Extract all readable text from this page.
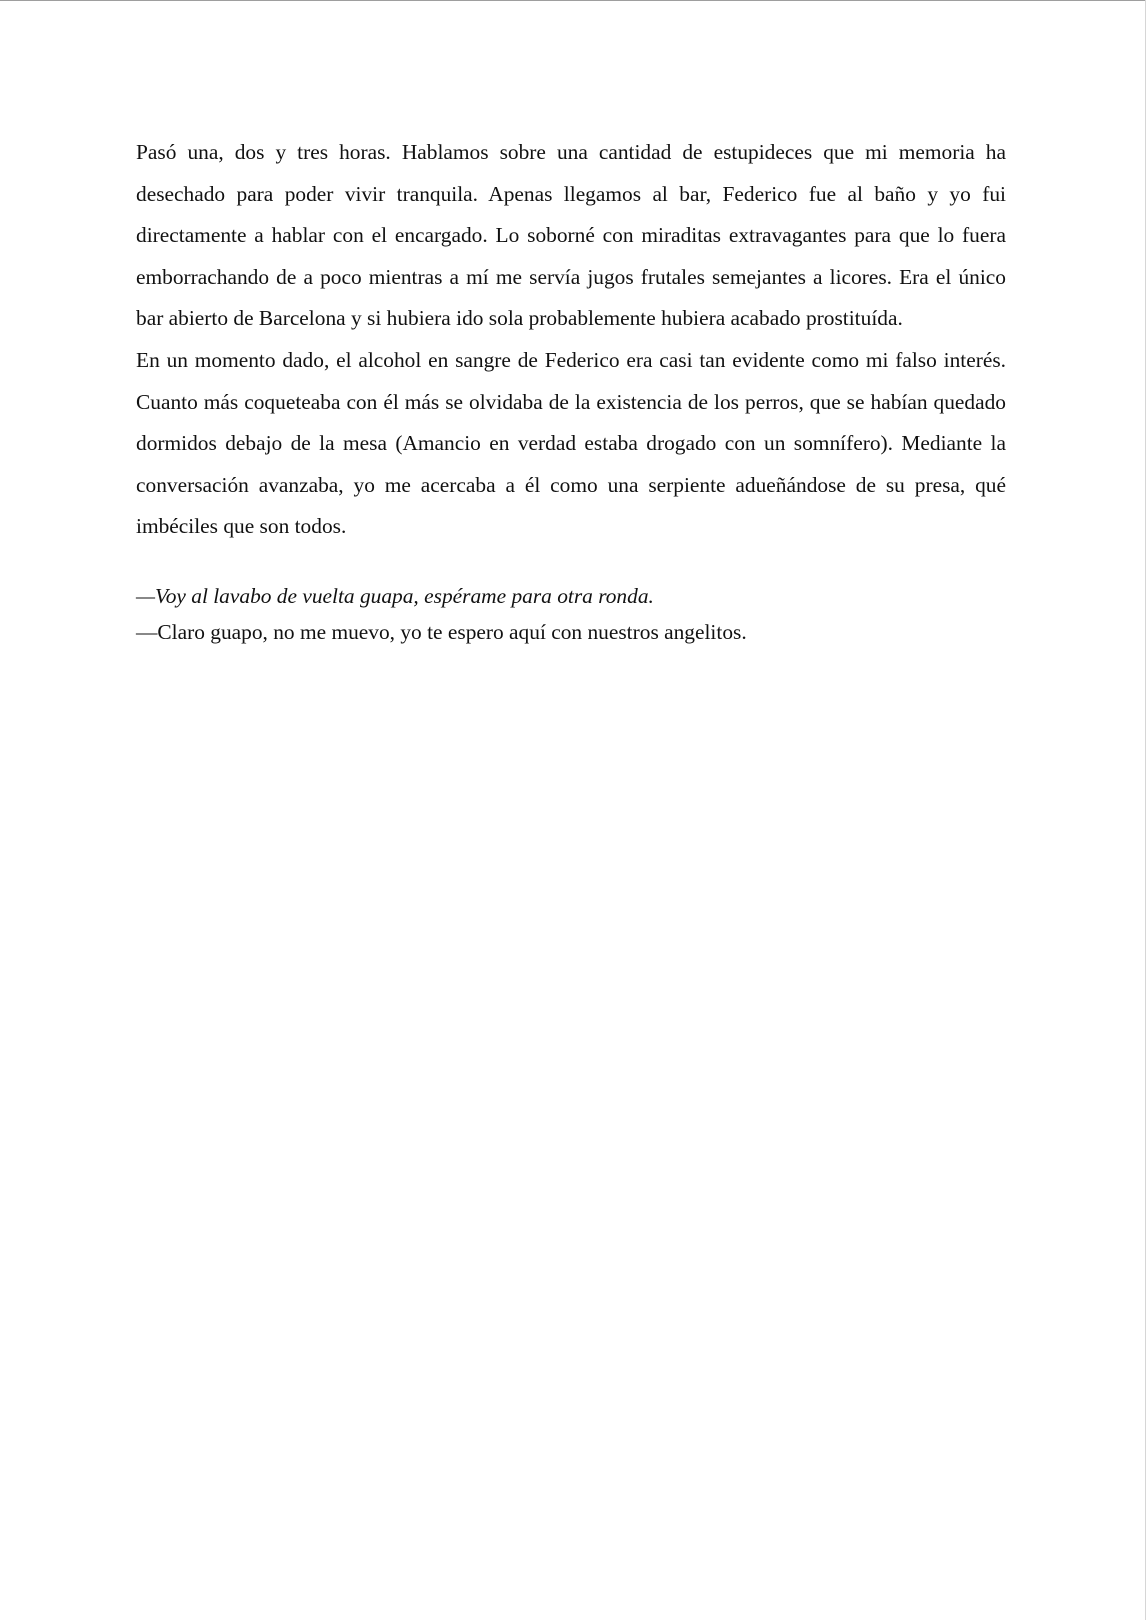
Pasó una, dos y tres horas. Hablamos sobre una cantidad de estupideces que mi memoria ha desechado para poder vivir tranquila. Apenas llegamos al bar, Federico fue al baño y yo fui directamente a hablar con el encargado. Lo soborné con miraditas extravagantes para que lo fuera emborrachando de a poco mientras a mí me servía jugos frutales semejantes a licores. Era el único bar abierto de Barcelona y si hubiera ido sola probablemente hubiera acabado prostituída.

En un momento dado, el alcohol en sangre de Federico era casi tan evidente como mi falso interés. Cuanto más coqueteaba con él más se olvidaba de la existencia de los perros, que se habían quedado dormidos debajo de la mesa (Amancio en verdad estaba drogado con un somnífero). Mediante la conversación avanzaba, yo me acercaba a él como una serpiente adueñándose de su presa, qué imbéciles que son todos.

—Voy al lavabo de vuelta guapa, espérame para otra ronda.

—Claro guapo, no me muevo, yo te espero aquí con nuestros angelitos.
